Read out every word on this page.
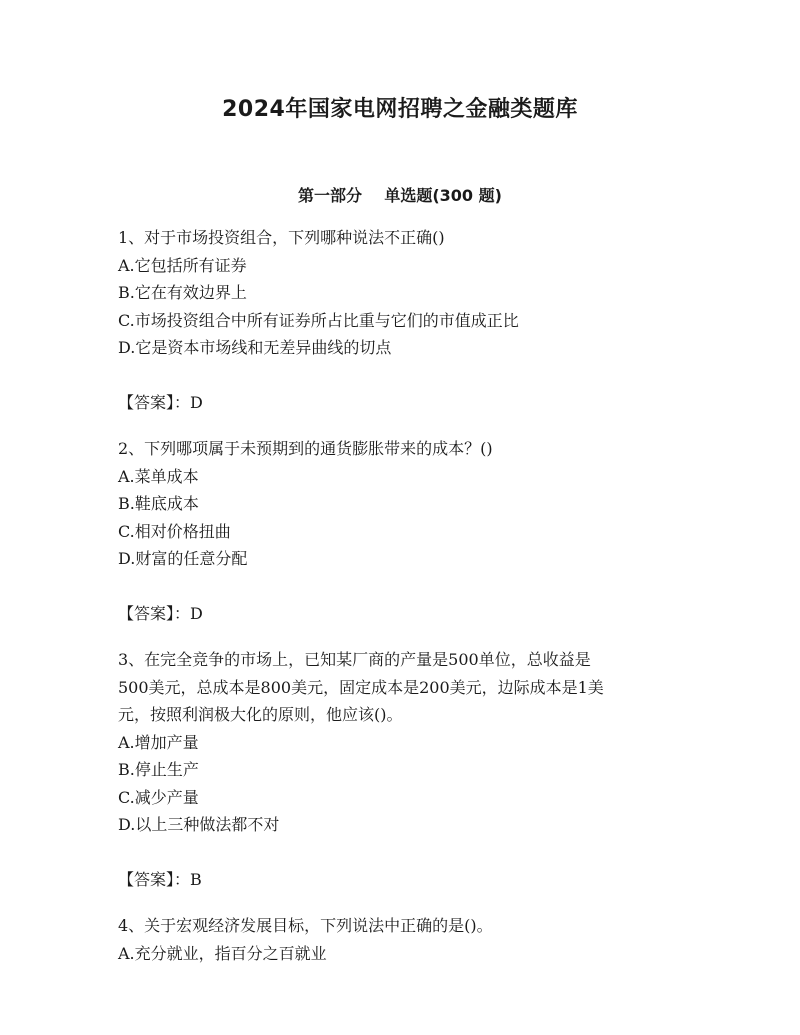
2024年国家电网招聘之金融类题库
第一部分    单选题(300 题)

1、对于市场投资组合，下列哪种说法不正确()

A.它包括所有证券

B.它在有效边界上

C.市场投资组合中所有证券所占比重与它们的市值成正比

D.它是资本市场线和无差异曲线的切点

【答案】：D

2、下列哪项属于未预期到的通货膨胀带来的成本？()

A.菜单成本

B.鞋底成本

C.相对价格扭曲

D.财富的任意分配

【答案】：D

3、在完全竞争的市场上，已知某厂商的产量是500单位，总收益是

500美元，总成本是800美元，固定成本是200美元，边际成本是1美

元，按照利润极大化的原则，他应该()。

A.增加产量

B.停止生产

C.减少产量

D.以上三种做法都不对

【答案】：B

4、关于宏观经济发展目标，下列说法中正确的是()。

A.充分就业，指百分之百就业
